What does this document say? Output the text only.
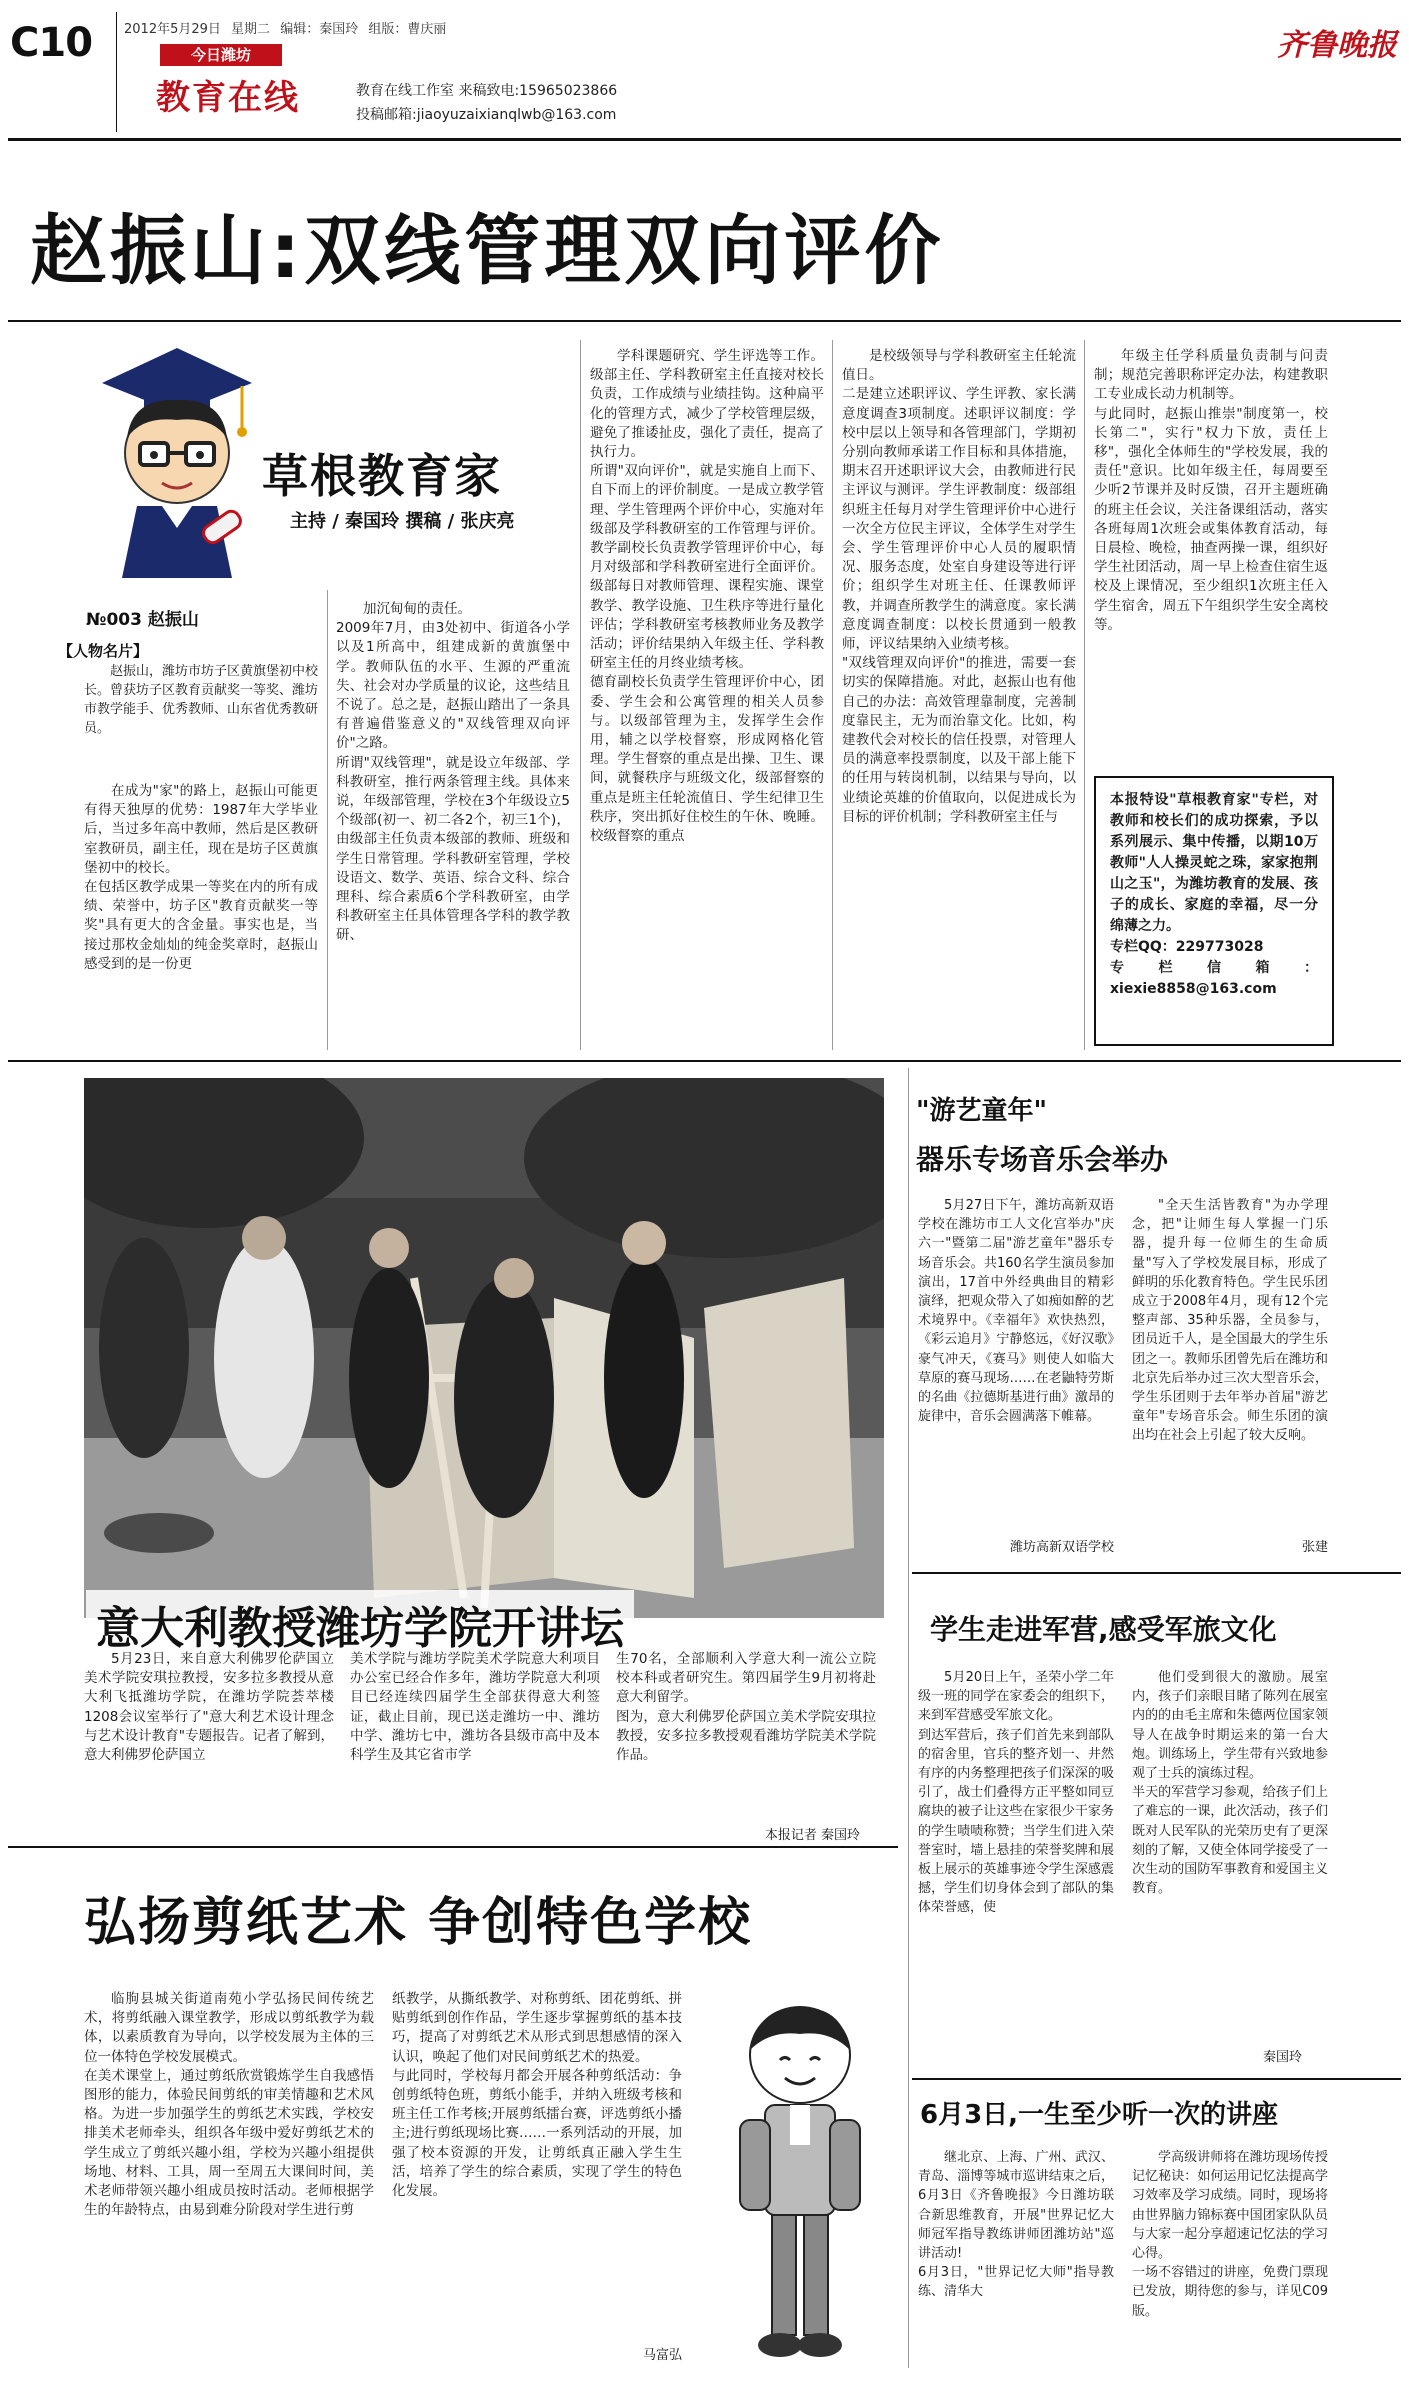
C10 2012年5月29日 星期二 编辑：秦国玲 组版：曹庆丽
今日潍坊
教育在线	教育在线工作室 来稿致电:15965023866
投稿邮箱:jiaoyuzaixianqlwb@163.com
齐鲁晚报
赵振山:双线管理双向评价
草根教育家
主持 / 秦国玲 撰稿 / 张庆亮
№003 赵振山
【人物名片】
赵振山，潍坊市坊子区黄旗堡初中校长。曾获坊子区教育贡献奖一等奖、潍坊市教学能手、优秀教师、山东省优秀教研员。
在成为"家"的路上，赵振山可能更有得天独厚的优势：1987年大学毕业后，当过多年高中教师，然后是区教研室教研员，副主任，现在是坊子区黄旗堡初中的校长。
在包括区教学成果一等奖在内的所有成绩、荣誉中，坊子区"教育贡献奖一等奖"具有更大的含金量。事实也是，当接过那枚金灿灿的纯金奖章时，赵振山感受到的是一份更
加沉甸甸的责任。
2009年7月，由3处初中、街道各小学以及1所高中，组建成新的黄旗堡中学。教师队伍的水平、生源的严重流失、社会对办学质量的议论，这些结且不说了。总之是，赵振山踏出了一条具有普遍借鉴意义的"双线管理双向评价"之路。
所谓"双线管理"，就是设立年级部、学科教研室，推行两条管理主线。具体来说，年级部管理，学校在3个年级设立5个级部(初一、初二各2个，初三1个)，由级部主任负责本级部的教师、班级和学生日常管理。学科教研室管理，学校设语文、数学、英语、综合文科、综合理科、综合素质6个学科教研室，由学科教研室主任具体管理各学科的教学教研、
学科课题研究、学生评选等工作。级部主任、学科教研室主任直接对校长负责，工作成绩与业绩挂钩。这种扁平化的管理方式，减少了学校管理层级，避免了推诿扯皮，强化了责任，提高了执行力。
所谓"双向评价"，就是实施自上而下、自下而上的评价制度。一是成立教学管理、学生管理两个评价中心，实施对年级部及学科教研室的工作管理与评价。教学副校长负责教学管理评价中心，每月对级部和学科教研室进行全面评价。级部每日对教师管理、课程实施、课堂教学、教学设施、卫生秩序等进行量化评估；学科教研室考核教师业务及教学活动；评价结果纳入年级主任、学科教研室主任的月终业绩考核。
德育副校长负责学生管理评价中心，团委、学生会和公寓管理的相关人员参与。以级部管理为主，发挥学生会作用，辅之以学校督察，形成网格化管理。学生督察的重点是出操、卫生、课间，就餐秩序与班级文化，级部督察的重点是班主任轮流值日、学生纪律卫生秩序，突出抓好住校生的午休、晚睡。校级督察的重点
是校级领导与学科教研室主任轮流值日。
二是建立述职评议、学生评教、家长满意度调查3项制度。述职评议制度：学校中层以上领导和各管理部门，学期初分别向教师承诺工作目标和具体措施，期末召开述职评议大会，由教师进行民主评议与测评。学生评教制度：级部组织班主任每月对学生管理评价中心进行一次全方位民主评议，全体学生对学生会、学生管理评价中心人员的履职情况、服务态度，处室自身建设等进行评价；组织学生对班主任、任课教师评教，并调查所教学生的满意度。家长满意度调查制度：以校长贯通到一般教师，评议结果纳入业绩考核。
"双线管理双向评价"的推进，需要一套切实的保障措施。对此，赵振山也有他自己的办法：高效管理靠制度，完善制度靠民主，无为而治靠文化。比如，构建教代会对校长的信任投票，对管理人员的满意率投票制度，以及干部上能下的任用与转岗机制，以结果与导向，以业绩论英雄的价值取向，以促进成长为目标的评价机制；学科教研室主任与
年级主任学科质量负责制与问责制；规范完善职称评定办法，构建教职工专业成长动力机制等。
与此同时，赵振山推崇"制度第一，校长第二"，实行"权力下放，责任上移"，强化全体师生的"学校发展，我的责任"意识。比如年级主任，每周要至少听2节课并及时反馈，召开主题班确的班主任会议，关注备课组活动，落实各班每周1次班会或集体教育活动，每日晨检、晚检，抽查两操一课，组织好学生社团活动，周一早上检查住宿生返校及上课情况，至少组织1次班主任入学生宿舍，周五下午组织学生安全离校等。
本报特设"草根教育家"专栏，对教师和校长们的成功探索，予以系列展示、集中传播，以期10万教师"人人操灵蛇之珠，家家抱荆山之玉"，为潍坊教育的发展、孩子的成长、家庭的幸福，尽一分绵薄之力。
专栏QQ：229773028
专栏信箱：xiexie8858@163.com
意大利教授潍坊学院开讲坛
5月23日，来自意大利佛罗伦萨国立美术学院安琪拉教授，安多拉多教授从意大利飞抵潍坊学院，在潍坊学院荟萃楼1208会议室举行了"意大利艺术设计理念与艺术设计教育"专题报告。记者了解到，意大利佛罗伦萨国立
美术学院与潍坊学院美术学院意大利项目办公室已经合作多年，潍坊学院意大利项目已经连续四届学生全部获得意大利签证，截止目前，现已送走潍坊一中、潍坊中学、潍坊七中，潍坊各县级市高中及本科学生及其它省市学
生70名，全部顺利入学意大利一流公立院校本科或者研究生。第四届学生9月初将赴意大利留学。
图为，意大利佛罗伦萨国立美术学院安琪拉教授，安多拉多教授观看潍坊学院美术学院作品。
本报记者 秦国玲
弘扬剪纸艺术 争创特色学校
临朐县城关街道南苑小学弘扬民间传统艺术，将剪纸融入课堂教学，形成以剪纸教学为载体，以素质教育为导向，以学校发展为主体的三位一体特色学校发展模式。
在美术课堂上，通过剪纸欣赏锻炼学生自我感悟图形的能力，体验民间剪纸的审美情趣和艺术风格。为进一步加强学生的剪纸艺术实践，学校安排美术老师牵头，组织各年级中爱好剪纸艺术的学生成立了剪纸兴趣小组，学校为兴趣小组提供场地、材料、工具，周一至周五大课间时间，美术老师带领兴趣小组成员按时活动。老师根据学生的年龄特点，由易到难分阶段对学生进行剪
纸教学，从撕纸教学、对称剪纸、团花剪纸、拼贴剪纸到创作作品，学生逐步掌握剪纸的基本技巧，提高了对剪纸艺术从形式到思想感情的深入认识，唤起了他们对民间剪纸艺术的热爱。
与此同时，学校每月都会开展各种剪纸活动：争创剪纸特色班，剪纸小能手，并纳入班级考核和班主任工作考核;开展剪纸擂台赛，评选剪纸小播主;进行剪纸现场比赛……一系列活动的开展，加强了校本资源的开发，让剪纸真正融入学生生活，培养了学生的综合素质，实现了学生的特色化发展。
马富弘
"游艺童年"
器乐专场音乐会举办
5月27日下午，潍坊高新双语学校在潍坊市工人文化宫举办"庆六一"暨第二届"游艺童年"器乐专场音乐会。共160名学生演员参加演出，17首中外经典曲目的精彩演绎，把观众带入了如痴如醉的艺术境界中。《幸福年》欢快热烈，《彩云追月》宁静悠远，《好汉歌》豪气冲天，《赛马》则使人如临大草原的赛马现场……在老鼬特劳斯的名曲《拉德斯基进行曲》激昂的旋律中，音乐会圆满落下帷幕。
"全天生活皆教育"为办学理念，把"让师生每人掌握一门乐器，提升每一位师生的生命质量"写入了学校发展目标，形成了鲜明的乐化教育特色。学生民乐团成立于2008年4月，现有12个完整声部、35种乐器，全员参与，团员近千人，是全国最大的学生乐团之一。教师乐团曾先后在潍坊和北京先后举办过三次大型音乐会，学生乐团则于去年举办首届"游艺童年"专场音乐会。师生乐团的演出均在社会上引起了较大反响。
潍坊高新双语学校	张建
学生走进军营,感受军旅文化
5月20日上午，圣荣小学二年级一班的同学在家委会的组织下，来到军营感受军旅文化。
到达军营后，孩子们首先来到部队的宿舍里，官兵的整齐划一、井然有序的内务整理把孩子们深深的吸引了，战士们叠得方正平整如同豆腐块的被子让这些在家很少干家务的学生啧啧称赞；当学生们进入荣誉室时，墙上悬挂的荣誉奖牌和展板上展示的英雄事迹令学生深感震撼，学生们切身体会到了部队的集体荣誉感，使
他们受到很大的激励。展室内，孩子们亲眼目睹了陈列在展室内的的由毛主席和朱德两位国家领导人在战争时期运来的第一台大炮。训练场上，学生带有兴致地参观了士兵的演练过程。
半天的军营学习参观，给孩子们上了难忘的一课，此次活动，孩子们既对人民军队的光荣历史有了更深刻的了解，又使全体同学接受了一次生动的国防军事教育和爱国主义教育。
秦国玲
6月3日,一生至少听一次的讲座
继北京、上海、广州、武汉、青岛、淄博等城市巡讲结束之后，6月3日《齐鲁晚报》今日潍坊联合新思维教育，开展"世界记忆大师冠军指导教练讲师团潍坊站"巡讲活动!
6月3日，"世界记忆大师"指导教练、清华大
学高级讲师将在潍坊现场传授记忆秘诀：如何运用记忆法提高学习效率及学习成绩。同时，现场将由世界脑力锦标赛中国团家队队员与大家一起分享超速记忆法的学习心得。
一场不容错过的讲座，免费门票现已发放，期待您的参与，详见C09版。
